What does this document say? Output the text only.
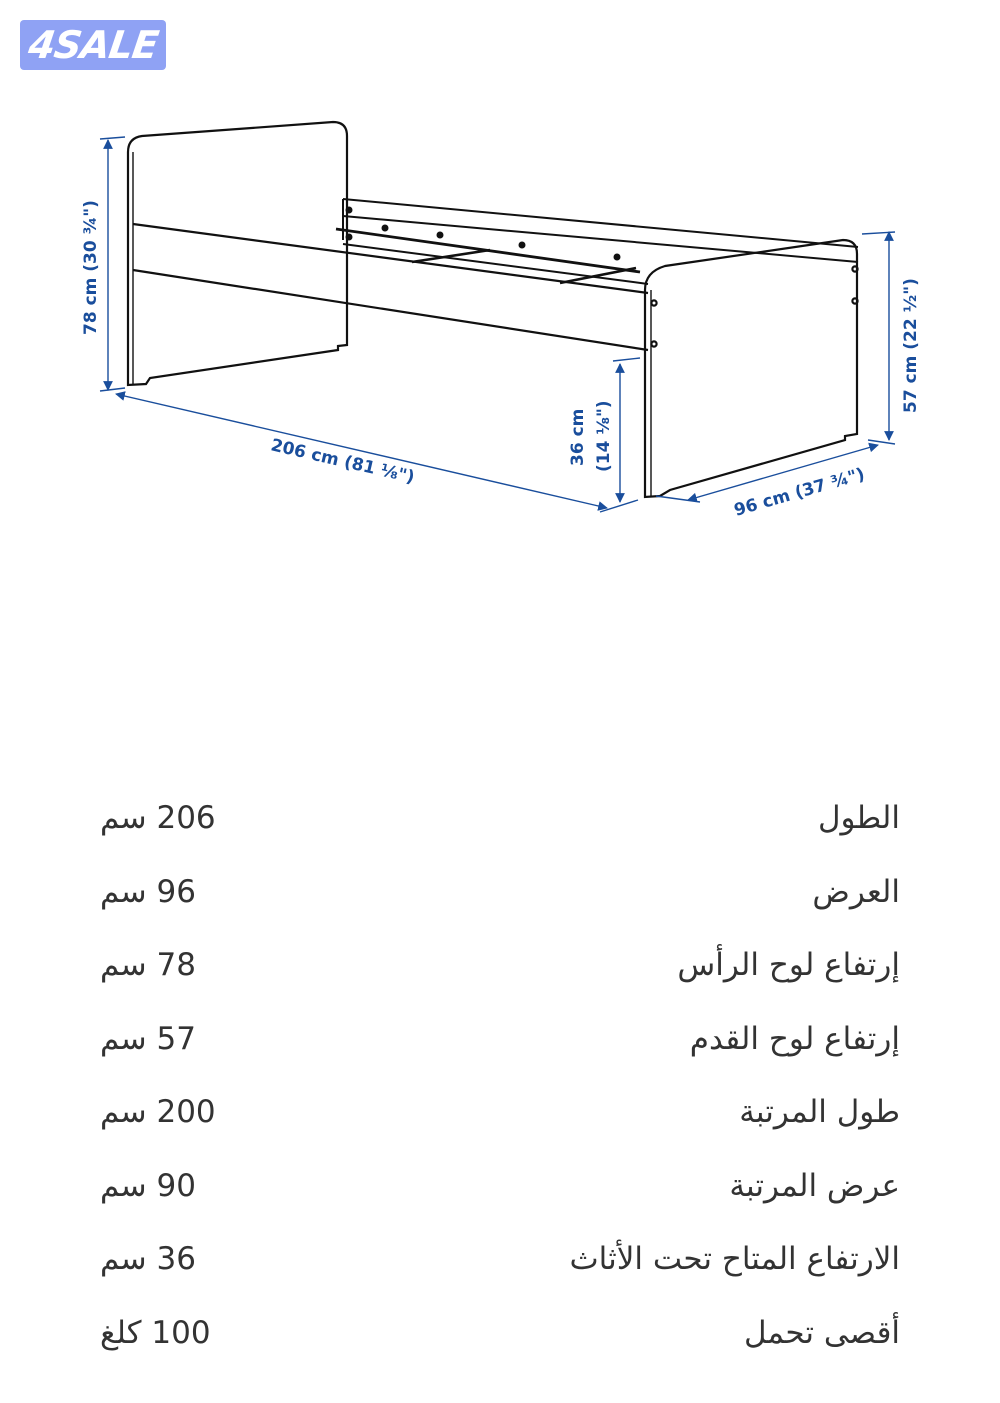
4SALE
78 cm (30 ¾")
206 cm (81 ⅛")	36 cm (14 ⅛")
57 cm (22 ½")
96 cm (37 ¾")
الطول
206 سم
العرض
96 سم
إرتفاع لوح الرأس
78 سم
إرتفاع لوح القدم
57 سم
طول المرتبة
200 سم
عرض المرتبة
90 سم
الارتفاع المتاح تحت الأثاث
36 سم
أقصى تحمل
100 كلغ
